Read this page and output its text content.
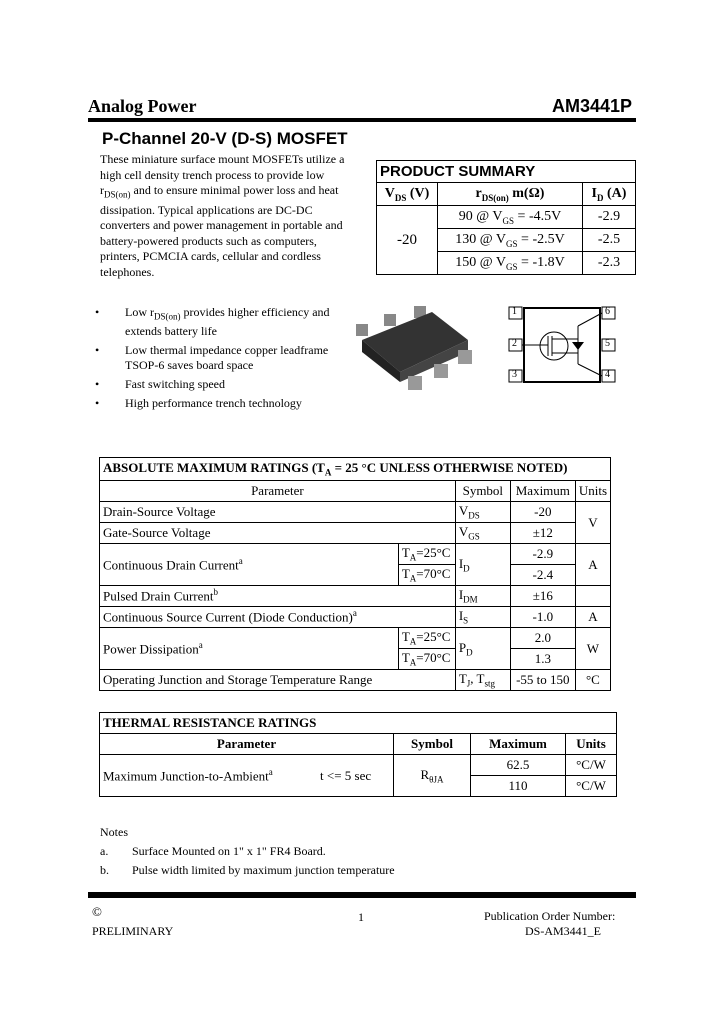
Analog Power	AM3441P
P-Channel 20-V (D-S) MOSFET
These miniature surface mount MOSFETs utilize a
high cell density trench process to provide low
$r_{DS(on)}$ and to ensure minimal power loss and heat
dissipation. Typical applications are DC-DC
converters and power management in portable and
battery-powered products such as computers,
printers, PCMCIA cards, cellular and cordless
telephones.
PRODUCT SUMMARY		
$V_{DS}$ (V)	$r_{DS(on)}$ m(Ω)	$I_D$ (A)
-20	90 @ $V_{GS} = -4.5V$	-2.9
	130 @ $V_{GS} = -2.5V$	-2.5
	150 @ $V_{GS} = -1.8V$	-2.3
• Low $r_{DS(on)}$ provides higher efficiency and
extends battery life
• Low thermal impedance copper leadframe
TSOP-6 saves board space
• Fast switching speed
• High performance trench technology
1
2
3
6
5
4
ABSOLUTE MAXIMUM RATINGS ($T_A = 25$ °C UNLESS OTHERWISE NOTED)				
Parameter		Symbol	Maximum	Units
Drain-Source Voltage		$V_{DS}$	-20	V
Gate-Source Voltage		$V_{GS}$	±12	
Continuous Drain Current$^a$	$T_A=25^\circ C$	$I_D$	-2.9	A
	$T_A=70^\circ C$		-2.4	
Pulsed Drain Current$^b$		$I_{DM}$	±16	
Continuous Source Current (Diode Conduction)$^a$		$I_S$	-1.0	A
Power Dissipation$^a$	$T_A=25^\circ C$	$P_D$	2.0	W
	$T_A=70^\circ C$		1.3	
Operating Junction and Storage Temperature Range		$T_J$, $T_{stg}$	-55 to 150	°C
THERMAL RESISTANCE RATINGS				
Parameter		Symbol	Maximum	Units
Maximum Junction-to-Ambient$^a$	t <= 5 sec	$R_{\theta JA}$	62.5	°C/W
			110	°C/W
Notes
a. Surface Mounted on 1" x 1" FR4 Board.
b. Pulse width limited by maximum junction temperature
©
PRELIMINARY
1	Publication Order Number:
DS-AM3441_E
